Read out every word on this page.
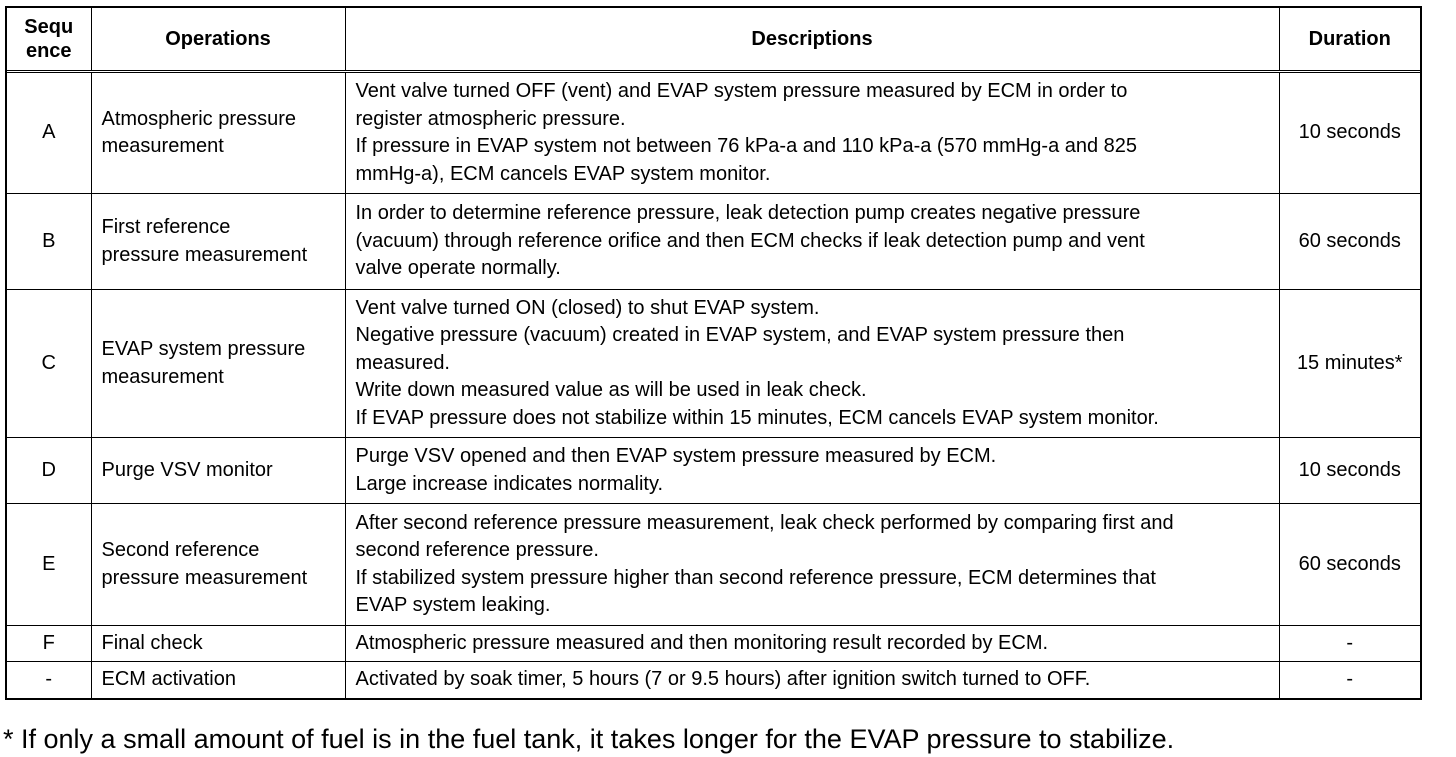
Sequ
ence	Operations	Descriptions	Duration
A	Atmospheric pressure
measurement	Vent valve turned OFF (vent) and EVAP system pressure measured by ECM in order to
register atmospheric pressure.
If pressure in EVAP system not between 76 kPa-a and 110 kPa-a (570 mmHg-a and 825
mmHg-a), ECM cancels EVAP system monitor.	10 seconds
B	First reference
pressure measurement	In order to determine reference pressure, leak detection pump creates negative pressure
(vacuum) through reference orifice and then ECM checks if leak detection pump and vent
valve operate normally.	60 seconds
C	EVAP system pressure
measurement	Vent valve turned ON (closed) to shut EVAP system.
Negative pressure (vacuum) created in EVAP system, and EVAP system pressure then
measured.
Write down measured value as will be used in leak check.
If EVAP pressure does not stabilize within 15 minutes, ECM cancels EVAP system monitor.	15 minutes*
D	Purge VSV monitor	Purge VSV opened and then EVAP system pressure measured by ECM.
Large increase indicates normality.	10 seconds
E	Second reference
pressure measurement	After second reference pressure measurement, leak check performed by comparing first and
second reference pressure.
If stabilized system pressure higher than second reference pressure, ECM determines that
EVAP system leaking.	60 seconds
F	Final check	Atmospheric pressure measured and then monitoring result recorded by ECM.	-
-	ECM activation	Activated by soak timer, 5 hours (7 or 9.5 hours) after ignition switch turned to OFF.	-
* If only a small amount of fuel is in the fuel tank, it takes longer for the EVAP pressure to stabilize.
